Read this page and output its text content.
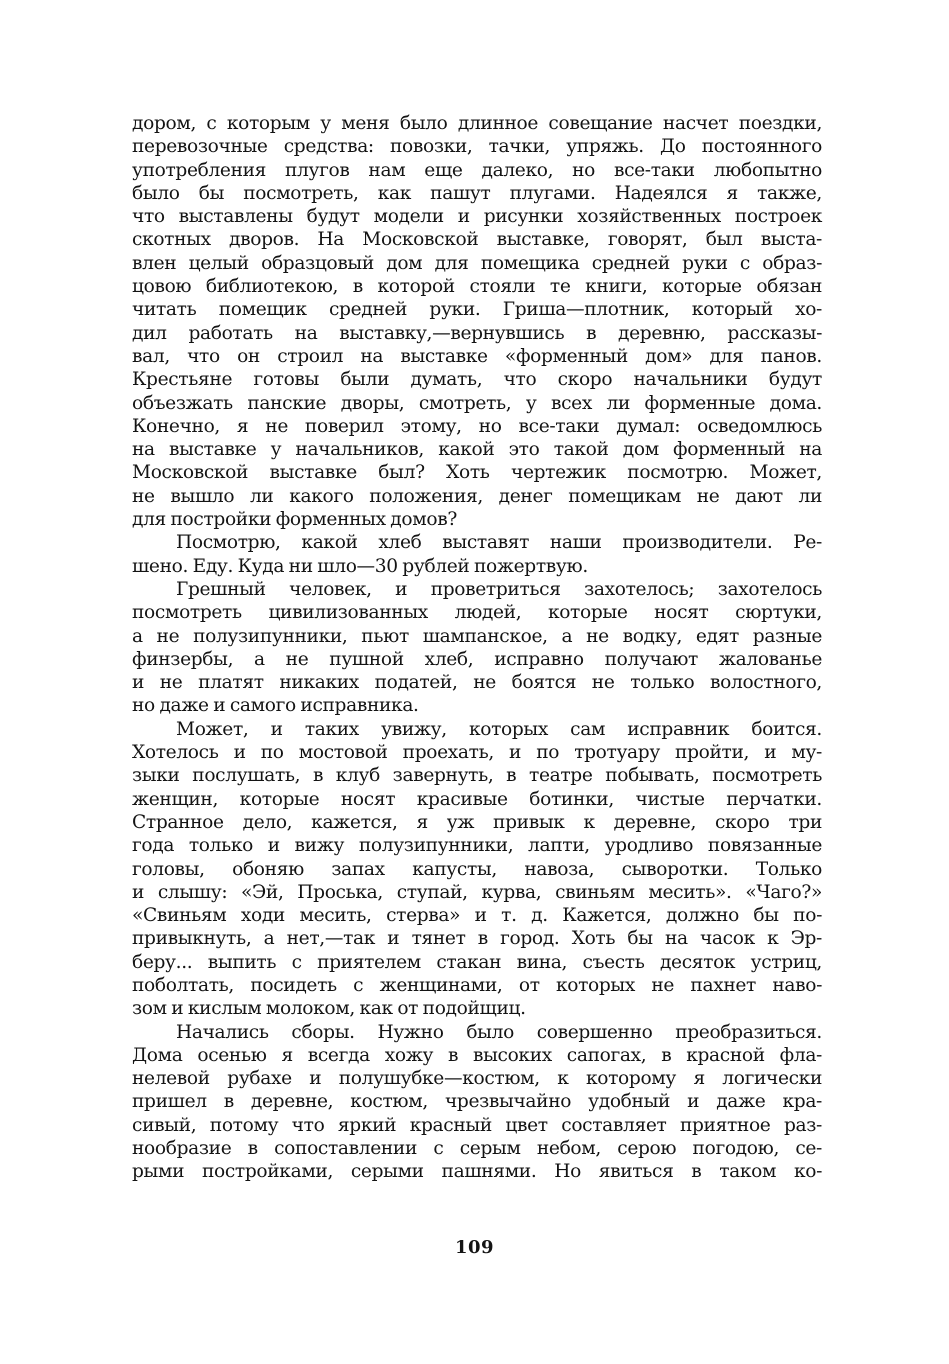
дором, с которым у меня было длинное совещание насчет поездки,
перевозочные средства: повозки, тачки, упряжь. До постоянного
употребления плугов нам еще далеко, но все-таки любопытно
было бы посмотреть, как пашут плугами. Надеялся я также,
что выставлены будут модели и рисунки хозяйственных построек
скотных дворов. На Московской выставке, говорят, был выста-
влен целый образцовый дом для помещика средней руки с образ-
цовою библиотекою, в которой стояли те книги, которые обязан
читать помещик средней руки. Гриша—плотник, который хо-
дил работать на выставку,—вернувшись в деревню, рассказы-
вал, что он строил на выставке «форменный дом» для панов.
Крестьяне готовы были думать, что скоро начальники будут
объезжать панские дворы, смотреть, у всех ли форменные дома.
Конечно, я не поверил этому, но все-таки думал: осведомлюсь
на выставке у начальников, какой это такой дом форменный на
Московской выставке был? Хоть чертежик посмотрю. Может,
не вышло ли какого положения, денег помещикам не дают ли
для постройки форменных домов?
Посмотрю, какой хлеб выставят наши производители. Ре-
шено. Еду. Куда ни шло—30 рублей пожертвую.
Грешный человек, и проветриться захотелось; захотелось
посмотреть цивилизованных людей, которые носят сюртуки,
а не полузипунники, пьют шампанское, а не водку, едят разные
финзербы, а не пушной хлеб, исправно получают жалованье
и не платят никаких податей, не боятся не только волостного,
но даже и самого исправника.
Может, и таких увижу, которых сам исправник боится.
Хотелось и по мостовой проехать, и по тротуару пройти, и му-
зыки послушать, в клуб завернуть, в театре побывать, посмотреть
женщин, которые носят красивые ботинки, чистые перчатки.
Странное дело, кажется, я уж привык к деревне, скоро три
года только и вижу полузипунники, лапти, уродливо повязанные
головы, обоняю запах капусты, навоза, сыворотки. Только
и слышу: «Эй, Проська, ступай, курва, свиньям месить». «Чаго?»
«Свиньям ходи месить, стерва» и т. д. Кажется, должно бы по-
привыкнуть, а нет,—так и тянет в город. Хоть бы на часок к Эр-
беру... выпить с приятелем стакан вина, съесть десяток устриц,
поболтать, посидеть с женщинами, от которых не пахнет наво-
зом и кислым молоком, как от подойщиц.
Начались сборы. Нужно было совершенно преобразиться.
Дома осенью я всегда хожу в высоких сапогах, в красной фла-
нелевой рубахе и полушубке—костюм, к которому я логически
пришел в деревне, костюм, чрезвычайно удобный и даже кра-
сивый, потому что яркий красный цвет составляет приятное раз-
нообразие в сопоставлении с серым небом, серою погодою, се-
рыми постройками, серыми пашнями. Но явиться в таком ко-
109
